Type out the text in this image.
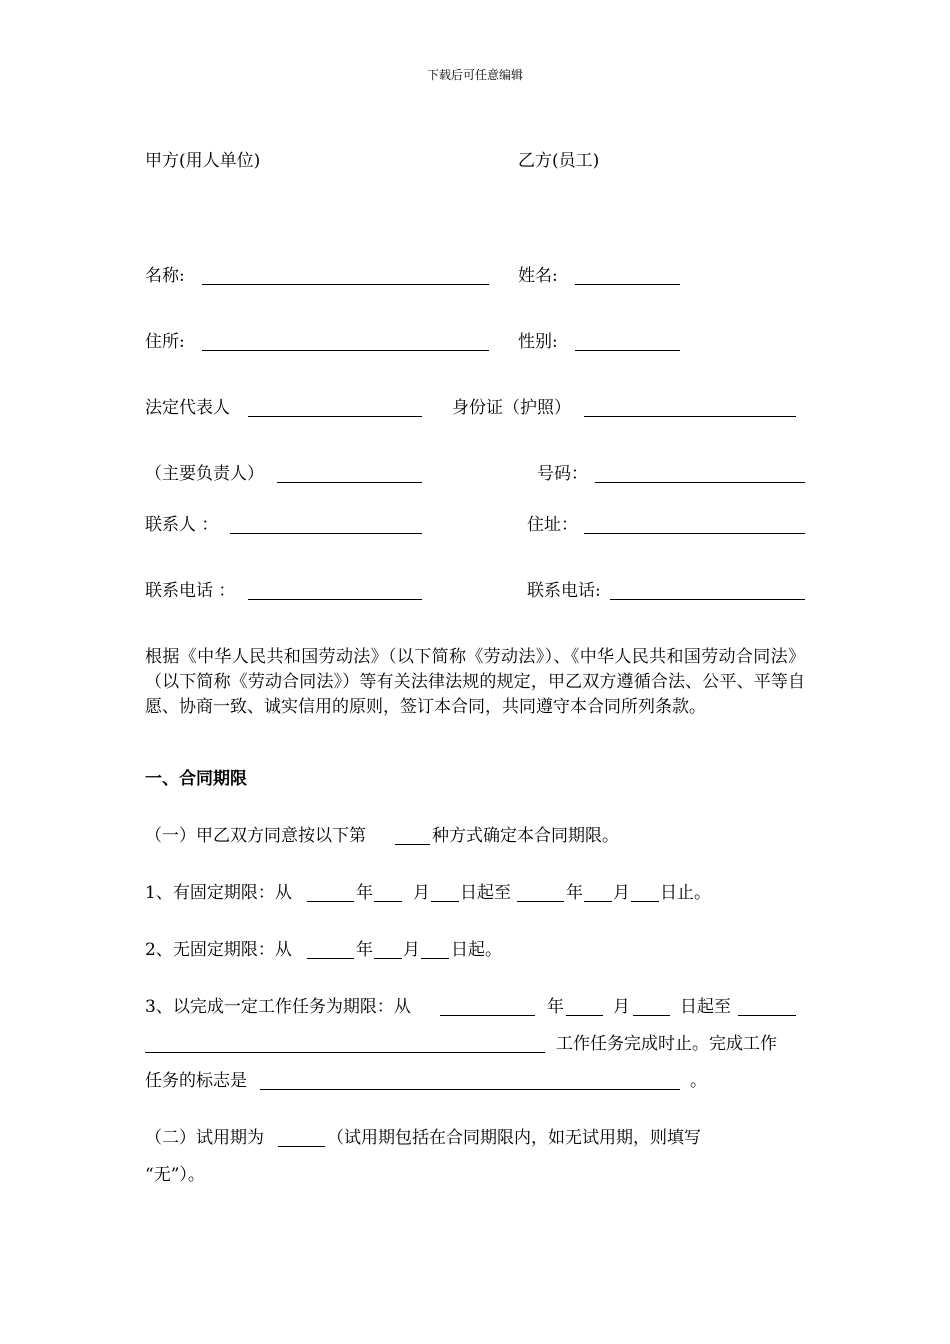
下载后可任意编辑
甲方(用人单位)	乙方(员工)
名称:	姓名:
住所:	性别:
法定代表人	身份证（护照）
（主要负责人）	号码：
联系人 ：	住址：
联系电话 ：	联系电话:
根据《中华人民共和国劳动法》（以下简称《劳动法》）、《中华人民共和国劳动合同法》（以下简称《劳动合同法》）等有关法律法规的规定，甲乙双方遵循合法、公平、平等自愿、协商一致、诚实信用的原则，签订本合同，共同遵守本合同所列条款。
一、合同期限
（一）甲乙双方同意按以下第	种方式确定本合同期限。
1、有固定期限：从	年 月 日起至	年 月 日止。
2、无固定期限：从	年 月 日起。
3、以完成一定工作任务为期限：从	年	月	日起至
工作任务完成时止。完成工作
任务的标志是	。
（二）试用期为	（试用期包括在合同期限内，如无试用期，则填写
“无”）。
